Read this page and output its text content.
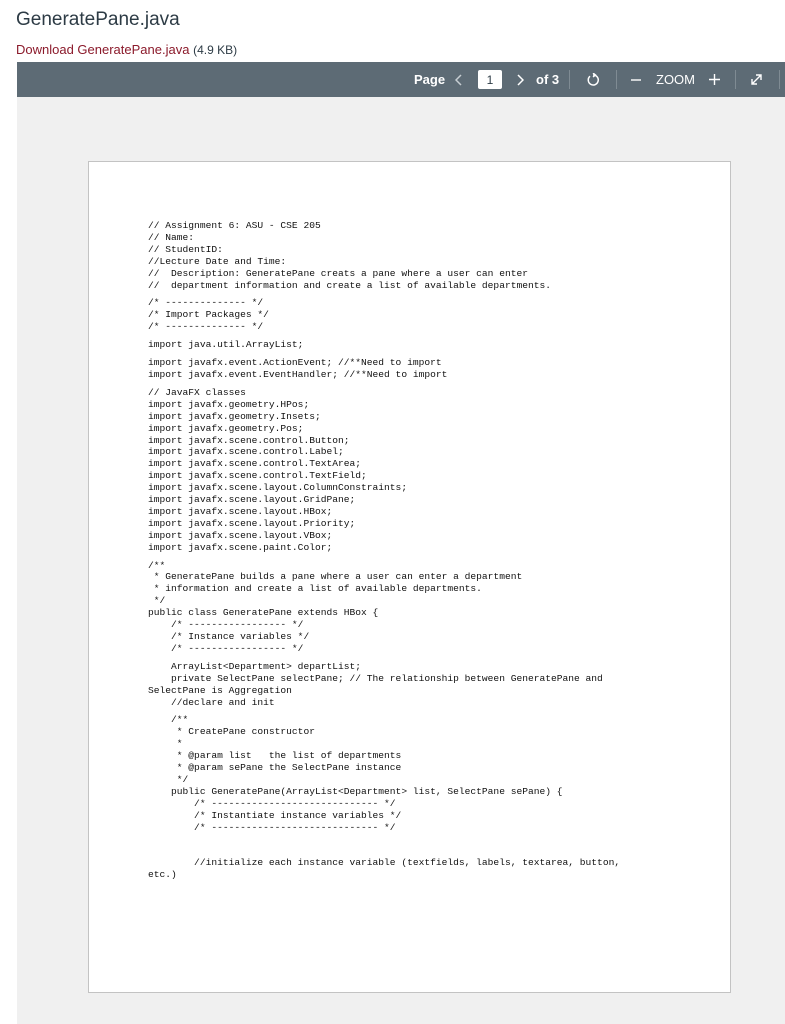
GeneratePane.java
Download GeneratePane.java (4.9 KB)
Page	1	of 3	ZOOM
// Assignment 6: ASU - CSE 205
// Name:
// StudentID:
//Lecture Date and Time:
//  Description: GeneratePane creats a pane where a user can enter
//  department information and create a list of available departments.
/* -------------- */
/* Import Packages */
/* -------------- */
import java.util.ArrayList;
import javafx.event.ActionEvent; //**Need to import
import javafx.event.EventHandler; //**Need to import
// JavaFX classes
import javafx.geometry.HPos;
import javafx.geometry.Insets;
import javafx.geometry.Pos;
import javafx.scene.control.Button;
import javafx.scene.control.Label;
import javafx.scene.control.TextArea;
import javafx.scene.control.TextField;
import javafx.scene.layout.ColumnConstraints;
import javafx.scene.layout.GridPane;
import javafx.scene.layout.HBox;
import javafx.scene.layout.Priority;
import javafx.scene.layout.VBox;
import javafx.scene.paint.Color;
/**
* GeneratePane builds a pane where a user can enter a department
* information and create a list of available departments.
*/
public class GeneratePane extends HBox {
/* ----------------- */
/* Instance variables */
/* ----------------- */
ArrayList<Department> departList;
private SelectPane selectPane; // The relationship between GeneratePane and
SelectPane is Aggregation
//declare and init
/**
* CreatePane constructor
*
* @param list   the list of departments
* @param sePane the SelectPane instance
*/
public GeneratePane(ArrayList<Department> list, SelectPane sePane) {
/* ----------------------------- */
/* Instantiate instance variables */
/* ----------------------------- */

//initialize each instance variable (textfields, labels, textarea, button,
etc.)
